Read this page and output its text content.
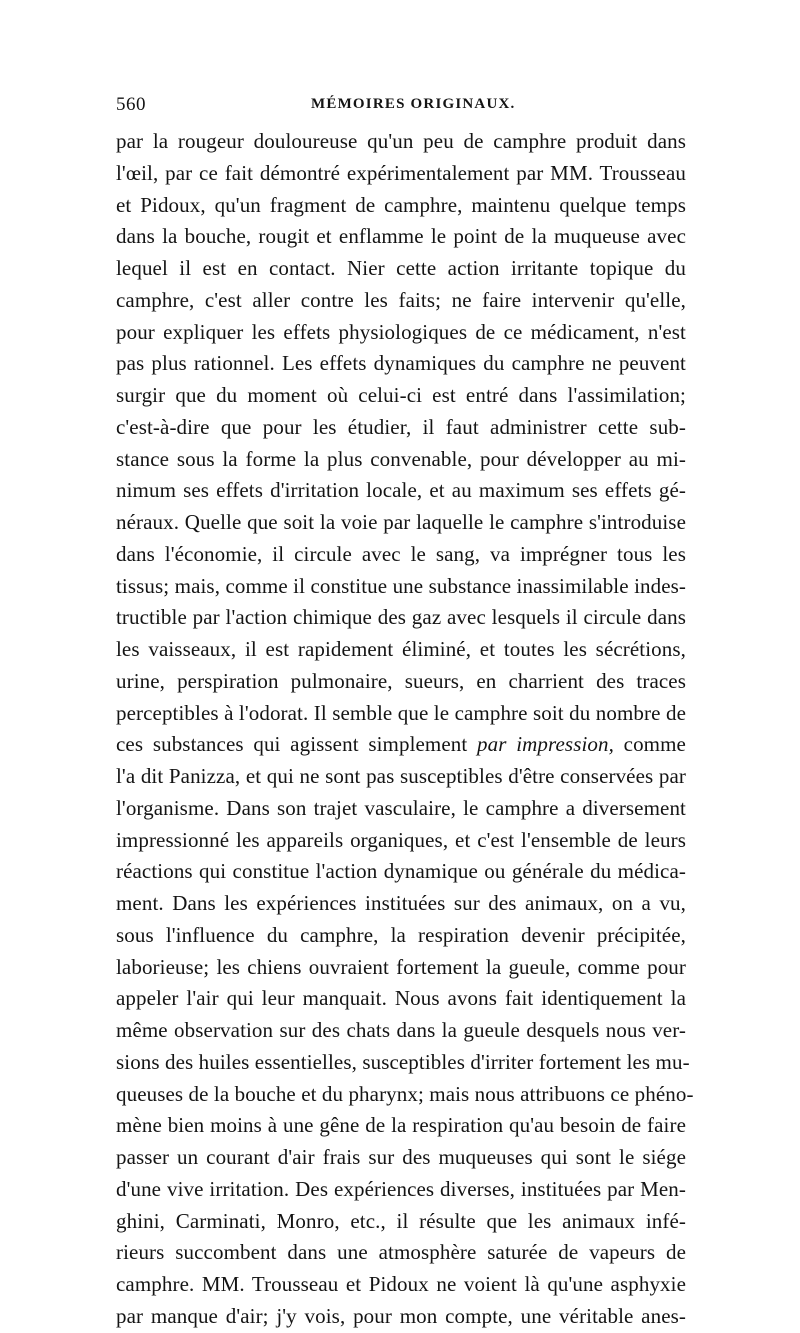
560	MÉMOIRES ORIGINAUX.
par la rougeur douloureuse qu'un peu de camphre produit dans
l'œil, par ce fait démontré expérimentalement par MM. Trousseau
et Pidoux, qu'un fragment de camphre, maintenu quelque temps
dans la bouche, rougit et enflamme le point de la muqueuse avec
lequel il est en contact. Nier cette action irritante topique du
camphre, c'est aller contre les faits; ne faire intervenir qu'elle,
pour expliquer les effets physiologiques de ce médicament, n'est
pas plus rationnel. Les effets dynamiques du camphre ne peuvent
surgir que du moment où celui-ci est entré dans l'assimilation;
c'est-à-dire que pour les étudier, il faut administrer cette sub-
stance sous la forme la plus convenable, pour développer au mi-
nimum ses effets d'irritation locale, et au maximum ses effets gé-
néraux. Quelle que soit la voie par laquelle le camphre s'introduise
dans l'économie, il circule avec le sang, va imprégner tous les
tissus; mais, comme il constitue une substance inassimilable indes-
tructible par l'action chimique des gaz avec lesquels il circule dans
les vaisseaux, il est rapidement éliminé, et toutes les sécrétions,
urine, perspiration pulmonaire, sueurs, en charrient des traces
perceptibles à l'odorat. Il semble que le camphre soit du nombre de
ces substances qui agissent simplement par impression, comme
l'a dit Panizza, et qui ne sont pas susceptibles d'être conservées par
l'organisme. Dans son trajet vasculaire, le camphre a diversement
impressionné les appareils organiques, et c'est l'ensemble de leurs
réactions qui constitue l'action dynamique ou générale du médica-
ment. Dans les expériences instituées sur des animaux, on a vu,
sous l'influence du camphre, la respiration devenir précipitée,
laborieuse; les chiens ouvraient fortement la gueule, comme pour
appeler l'air qui leur manquait. Nous avons fait identiquement la
même observation sur des chats dans la gueule desquels nous ver-
sions des huiles essentielles, susceptibles d'irriter fortement les mu-
queuses de la bouche et du pharynx; mais nous attribuons ce phéno-
mène bien moins à une gêne de la respiration qu'au besoin de faire
passer un courant d'air frais sur des muqueuses qui sont le siége
d'une vive irritation. Des expériences diverses, instituées par Men-
ghini, Carminati, Monro, etc., il résulte que les animaux infé-
rieurs succombent dans une atmosphère saturée de vapeurs de
camphre. MM. Trousseau et Pidoux ne voient là qu'une asphyxie
par manque d'air; j'y vois, pour mon compte, une véritable anes-
